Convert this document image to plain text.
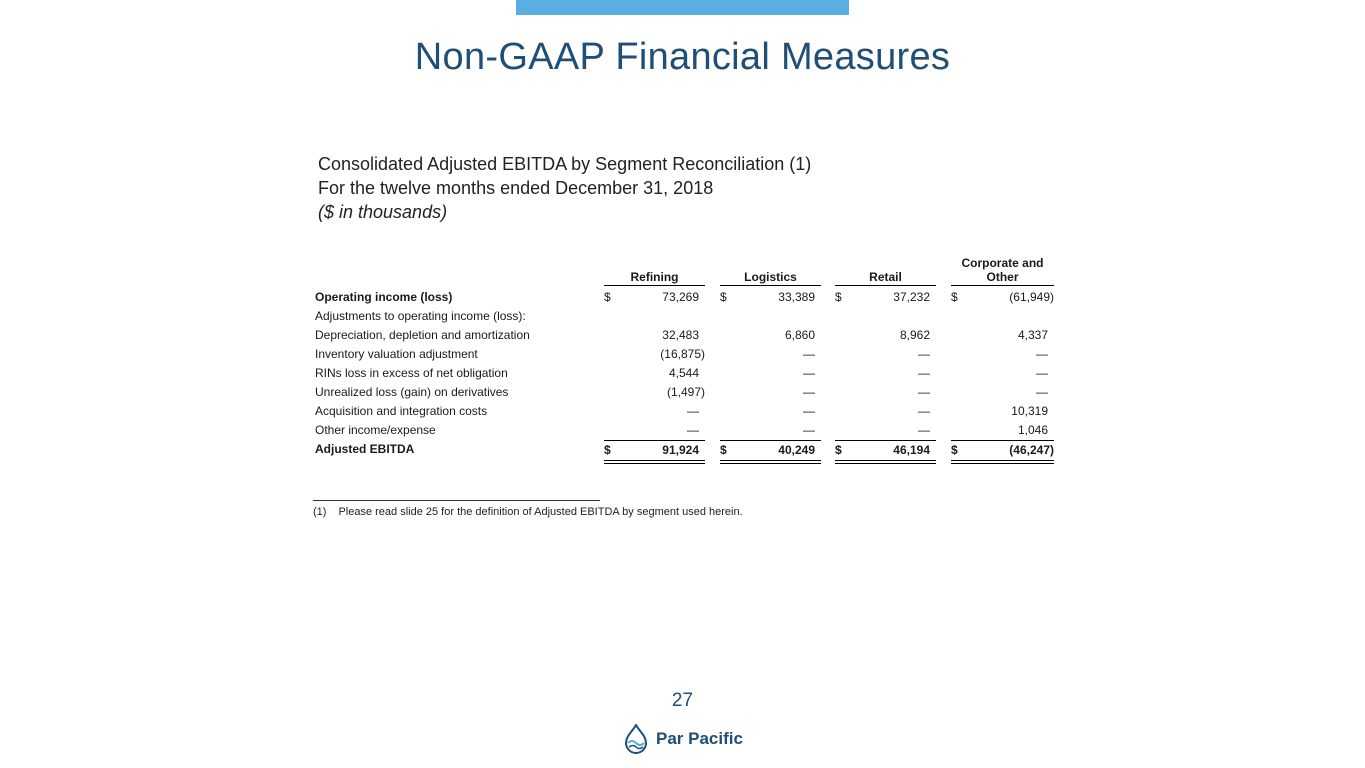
Non-GAAP Financial Measures
Consolidated Adjusted EBITDA by Segment Reconciliation (1)
For the twelve months ended December 31, 2018
($ in thousands)
Refining	Logistics	Retail
Corporate and
Other
Operating income (loss)	$	73,269 $	33,389 $	37,232 $	(61,949)
Adjustments to operating income (loss):
Depreciation, depletion and amortization	32,483	6,860	8,962	4,337
Inventory valuation adjustment	(16,875)	—	—	—
RINs loss in excess of net obligation	4,544	—	—	—
Unrealized loss (gain) on derivatives	(1,497)	—	—	—
Acquisition and integration costs	—	—	—	10,319
Other income/expense	—	—	—	1,046
Adjusted EBITDA	$	91,924 $	40,249 $	46,194 $	(46,247)
(1) Please read slide 25 for the definition of Adjusted EBITDA by segment used herein.
27
Par Pacific
